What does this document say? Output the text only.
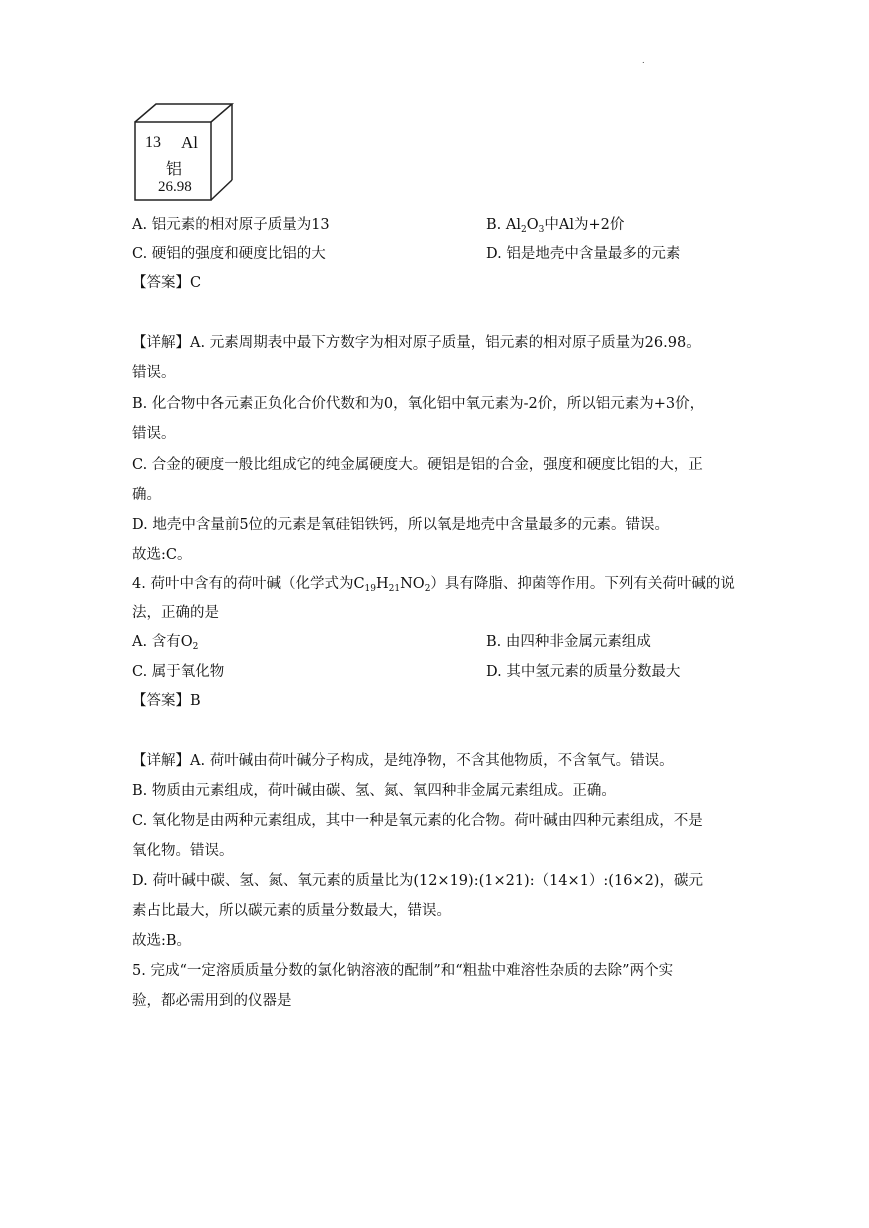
.
13 Al
铝
26.98
A. 铝元素的相对原子质量为13	B. $Al_2O_3$中Al为+2价
C. 硬铝的强度和硬度比铝的大	D. 铝是地壳中含量最多的元素
【答案】C
【详解】A. 元素周期表中最下方数字为相对原子质量，铝元素的相对原子质量为26.98。
错误。
B. 化合物中各元素正负化合价代数和为0，氧化铝中氧元素为-2价，所以铝元素为+3价，
错误。
C. 合金的硬度一般比组成它的纯金属硬度大。硬铝是铝的合金，强度和硬度比铝的大，正
确。
D. 地壳中含量前5位的元素是氧硅铝铁钙，所以氧是地壳中含量最多的元素。错误。
故选:C。
4. 荷叶中含有的荷叶碱（化学式为$C_{19}H_{21}NO_2$）具有降脂、抑菌等作用。下列有关荷叶碱的说
法，正确的是
A. 含有$O_2$	B. 由四种非金属元素组成
C. 属于氧化物	D. 其中氢元素的质量分数最大
【答案】B
【详解】A. 荷叶碱由荷叶碱分子构成，是纯净物，不含其他物质，不含氧气。错误。
B. 物质由元素组成，荷叶碱由碳、氢、氮、氧四种非金属元素组成。正确。
C. 氧化物是由两种元素组成，其中一种是氧元素的化合物。荷叶碱由四种元素组成，不是
氧化物。错误。
D. 荷叶碱中碳、氢、氮、氧元素的质量比为(12×19):(1×21):（14×1）:(16×2)，碳元
素占比最大，所以碳元素的质量分数最大，错误。
故选:B。
5. 完成“一定溶质质量分数的氯化钠溶液的配制”和“粗盐中难溶性杂质的去除”两个实
验，都必需用到的仪器是
